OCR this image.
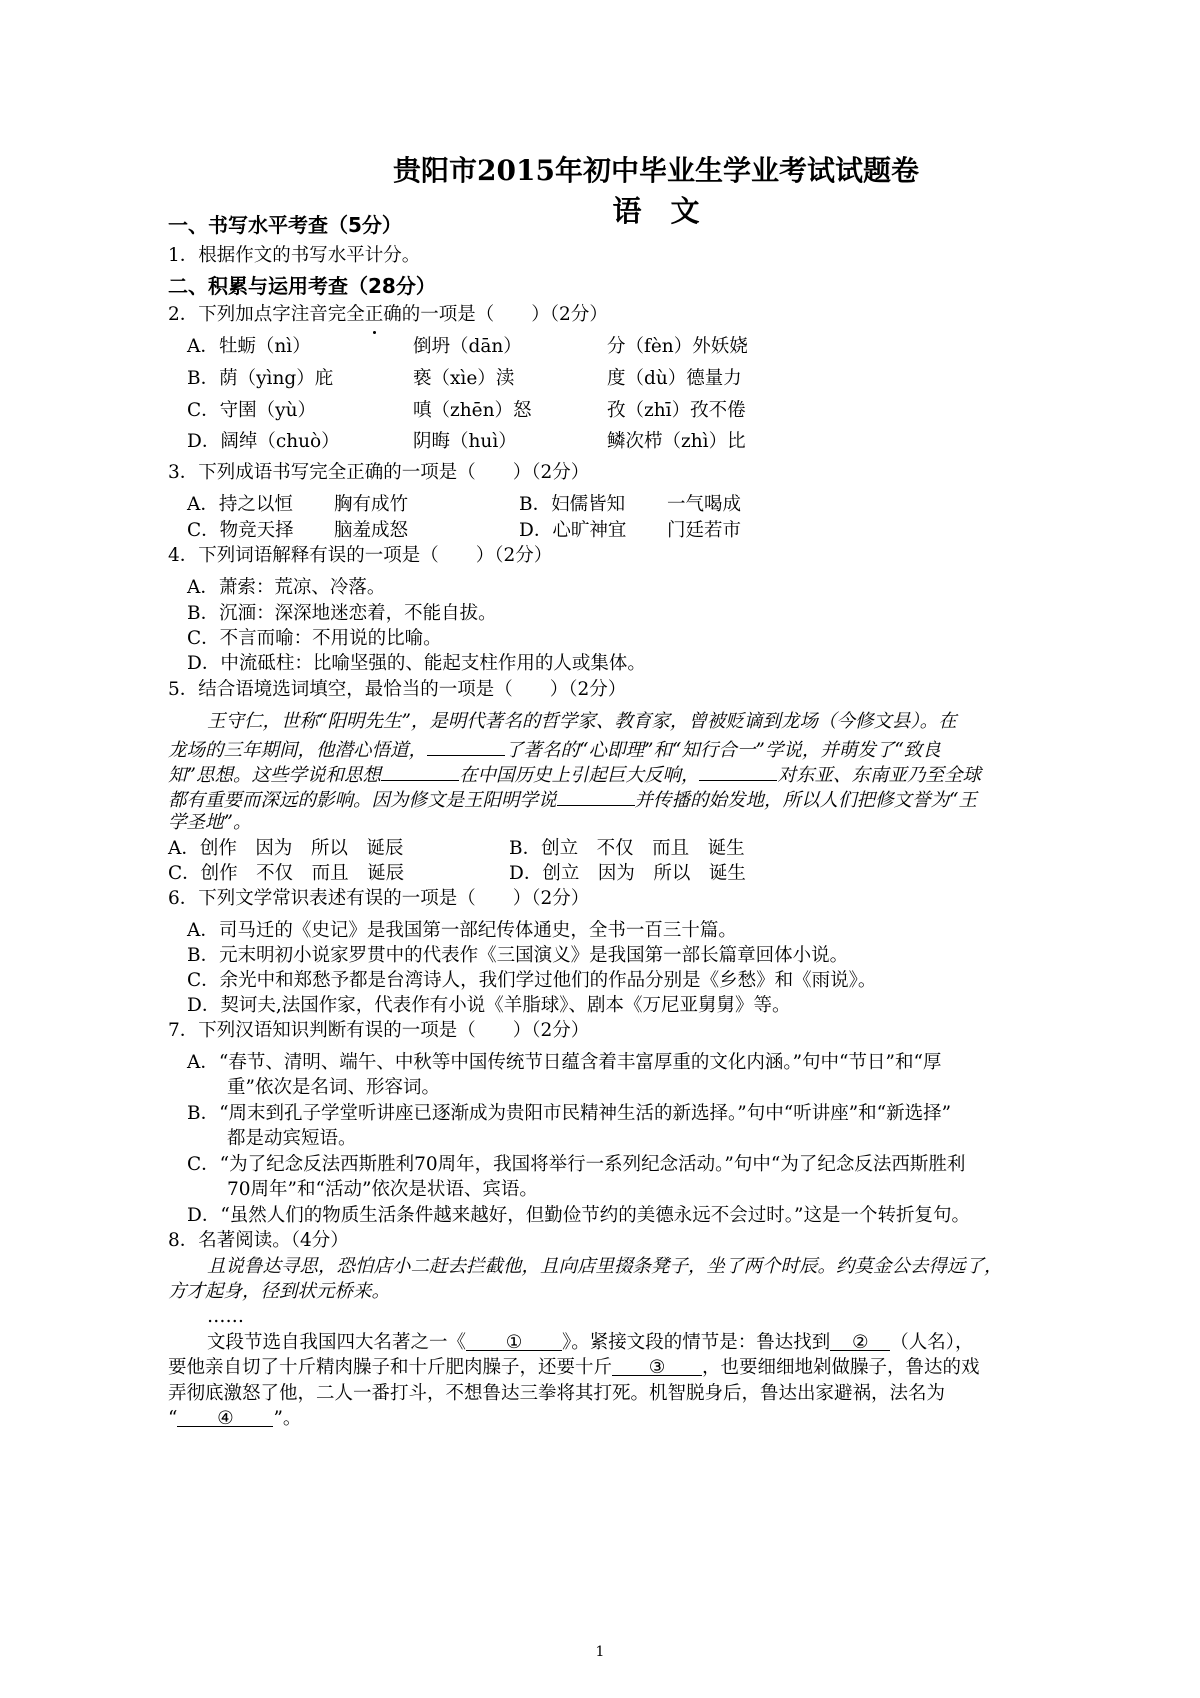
贵阳市2015年初中毕业生学业考试试题卷
语　文
一、书写水平考查（5分）
1．根据作文的书写水平计分。
二、积累与运用考查（28分）
2．下列加点字注音完全正确的一项是（　　）（2分）
A．牡蛎（nì）	倒坍（dān）	分（fèn）外妖娆
B．荫（yìng）庇	亵（xìe）渎	度（dù）德量力
C．守圉（yù）	嗔（zhēn）怒	孜（zhī）孜不倦
D．阔绰（chuò）	阴晦（huì）	鳞次栉（zhì）比
3．下列成语书写完全正确的一项是（　　）（2分）
A．持之以恒 胸有成竹	B．妇儒皆知 一气喝成
C．物竞天择 脑羞成怒	D．心旷神宜 门廷若市
4．下列词语解释有误的一项是（　　）（2分）
A．萧索：荒凉、冷落。
B．沉湎：深深地迷恋着，不能自拔。
C．不言而喻：不用说的比喻。
D．中流砥柱：比喻坚强的、能起支柱作用的人或集体。
5．结合语境选词填空，最恰当的一项是（　　）（2分）
王守仁，世称“阳明先生”，是明代著名的哲学家、教育家，曾被贬谪到龙场（今修文县）。在
龙场的三年期间，他潜心悟道，	了著名的“心即理”和“知行合一”学说，并萌发了“致良
知”思想。这些学说和思想	在中国历史上引起巨大反响，	对东亚、东南亚乃至全球
都有重要而深远的影响。因为修文是王阳明学说	并传播的始发地，所以人们把修文誉为“王
学圣地”。
A．创作　因为　所以　诞辰	B．创立　不仅　而且　诞生
C．创作　不仅　而且　诞辰	D．创立　因为　所以　诞生
6．下列文学常识表述有误的一项是（　　）（2分）
A．司马迁的《史记》是我国第一部纪传体通史，全书一百三十篇。
B．元末明初小说家罗贯中的代表作《三国演义》是我国第一部长篇章回体小说。
C．余光中和郑愁予都是台湾诗人，我们学过他们的作品分别是《乡愁》和《雨说》。
D．契诃夫,法国作家，代表作有小说《羊脂球》、剧本《万尼亚舅舅》等。
7．下列汉语知识判断有误的一项是（　　）（2分）
A．“春节、清明、端午、中秋等中国传统节日蕴含着丰富厚重的文化内涵。”句中“节日”和“厚
重”依次是名词、形容词。
B．“周末到孔子学堂听讲座已逐渐成为贵阳市民精神生活的新选择。”句中“听讲座”和“新选择”
都是动宾短语。
C．“为了纪念反法西斯胜利70周年，我国将举行一系列纪念活动。”句中“为了纪念反法西斯胜利
70周年”和“活动”依次是状语、宾语。
D．“虽然人们的物质生活条件越来越好，但勤俭节约的美德永远不会过时。”这是一个转折复句。
8．名著阅读。（4分）
且说鲁达寻思，恐怕店小二赶去拦截他，且向店里掇条凳子，坐了两个时辰。约莫金公去得远了，
方才起身，径到状元桥来。
……
文段节选自我国四大名著之一《 ① 》。紧接文段的情节是：鲁达找到 ② （人名），
要他亲自切了十斤精肉臊子和十斤肥肉臊子，还要十斤 ③ ，也要细细地剁做臊子，鲁达的戏
弄彻底激怒了他，二人一番打斗，不想鲁达三拳将其打死。机智脱身后，鲁达出家避祸，法名为
“ ④ ”。
1
